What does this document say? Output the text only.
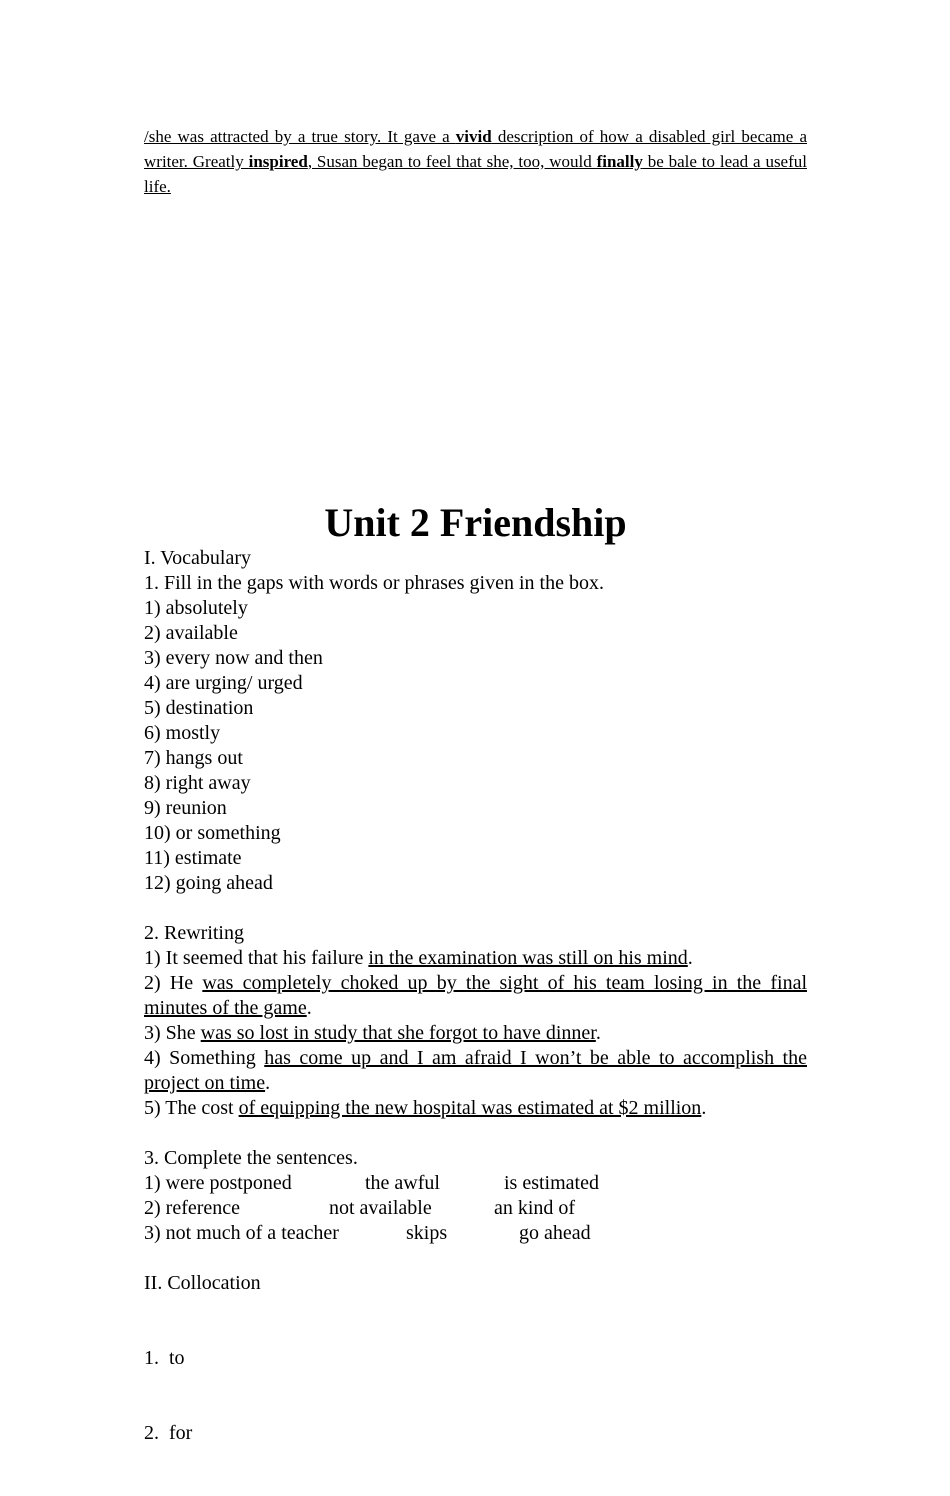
/she was attracted by a true story. It gave a vivid description of how a disabled girl became a writer. Greatly inspired, Susan began to feel that she, too, would finally be bale to lead a useful life.

Unit 2 Friendship

I. Vocabulary

1. Fill in the gaps with words or phrases given in the box.

1) absolutely

2) available

3) every now and then

4) are urging/ urged

5) destination

6) mostly

7) hangs out

8) right away

9) reunion

10) or something

11) estimate

12) going ahead

2. Rewriting

1) It seemed that his failure in the examination was still on his mind.

2) He was completely choked up by the sight of his team losing in the final minutes of the game.

3) She was so lost in study that she forgot to have dinner.

4) Something has come up and I am afraid I won’t be able to accomplish the project on time.

5) The cost of equipping the new hospital was estimated at $2 million.

3. Complete the sentences.

1) were postponed	the awful	is estimated
2) reference	not available	an kind of
3) not much of a teacher	skips	go ahead

II. Collocation

1.  to

2.  for
